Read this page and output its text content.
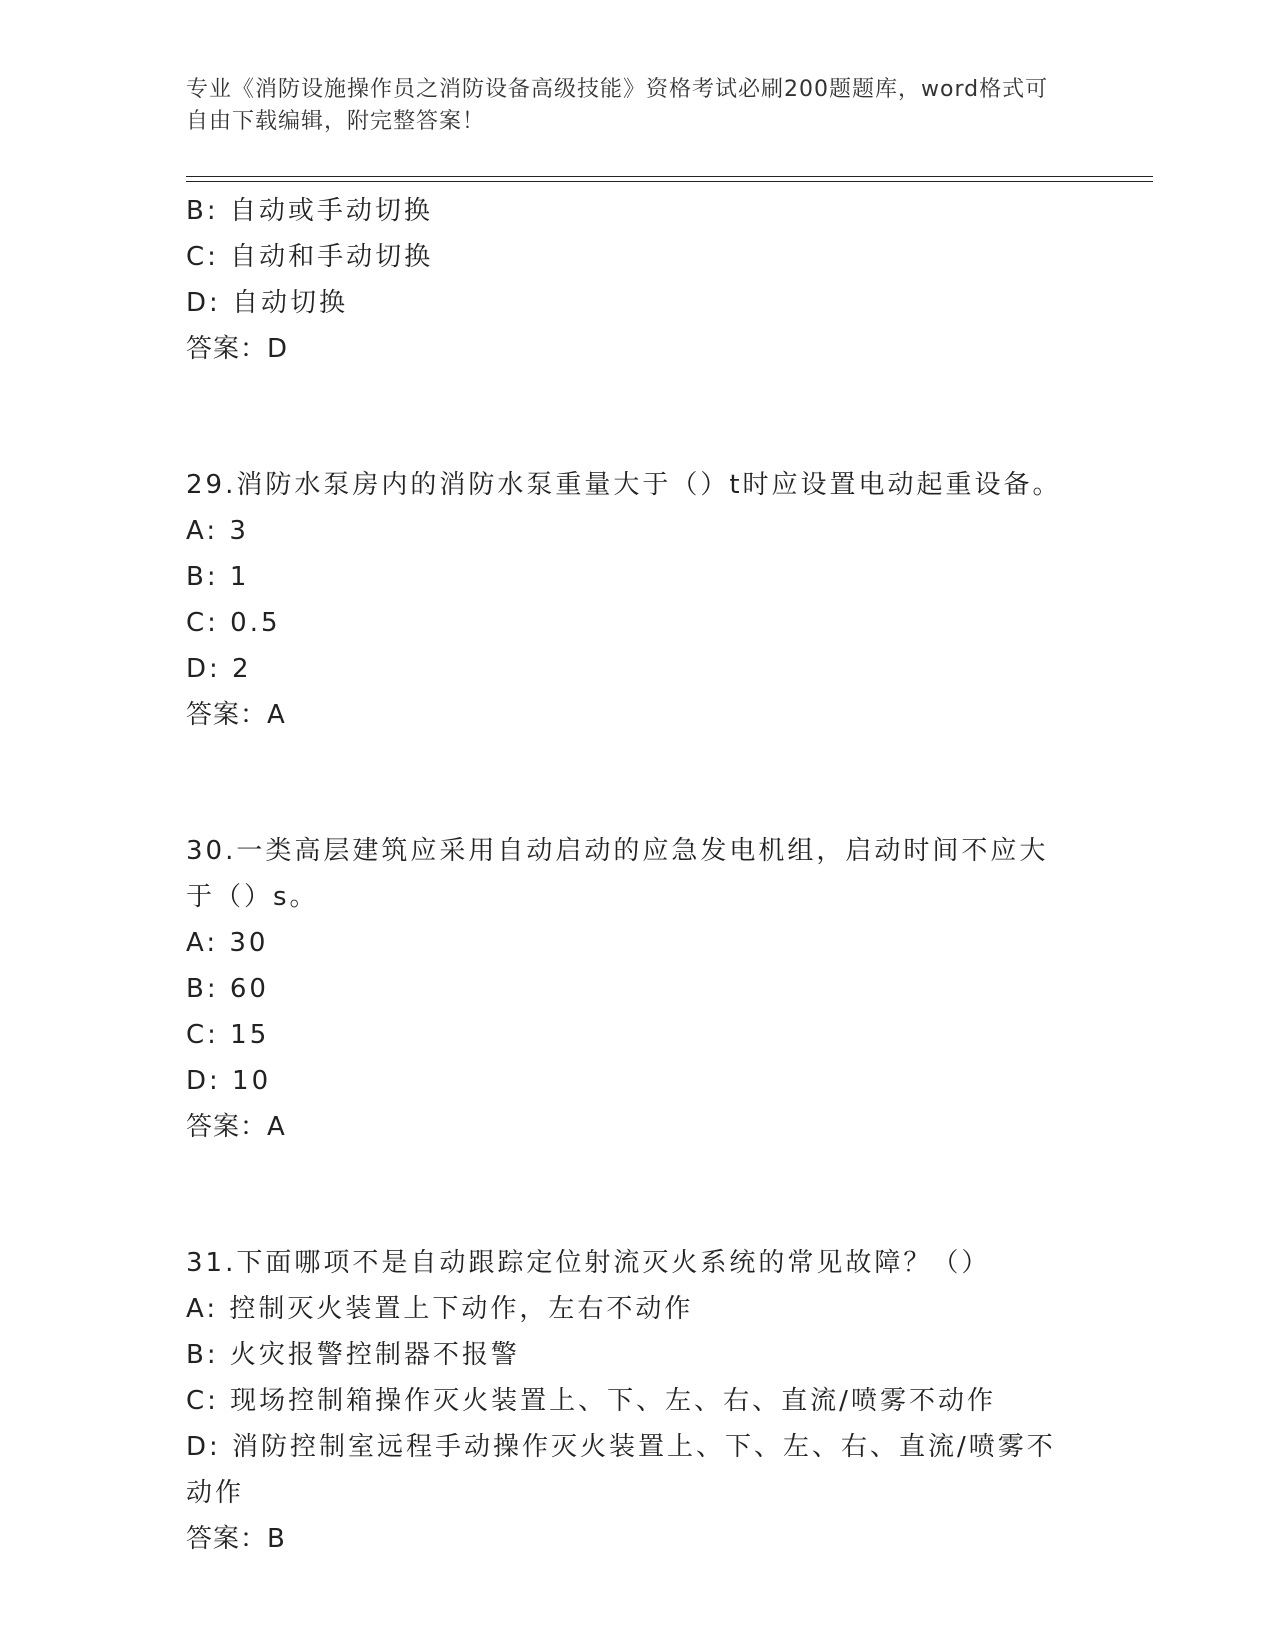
专业《消防设施操作员之消防设备高级技能》资格考试必刷200题题库，word格式可自由下载编辑，附完整答案！
B: 自动或手动切换
C: 自动和手动切换
D: 自动切换
答案：D
29.消防水泵房内的消防水泵重量大于（）t时应设置电动起重设备。
A: 3
B: 1
C: 0.5
D: 2
答案：A
30.一类高层建筑应采用自动启动的应急发电机组，启动时间不应大于（）s。
A: 30
B: 60
C: 15
D: 10
答案：A
31.下面哪项不是自动跟踪定位射流灭火系统的常见故障？（）
A: 控制灭火装置上下动作，左右不动作
B: 火灾报警控制器不报警
C: 现场控制箱操作灭火装置上、下、左、右、直流/喷雾不动作
D: 消防控制室远程手动操作灭火装置上、下、左、右、直流/喷雾不动作
答案：B
